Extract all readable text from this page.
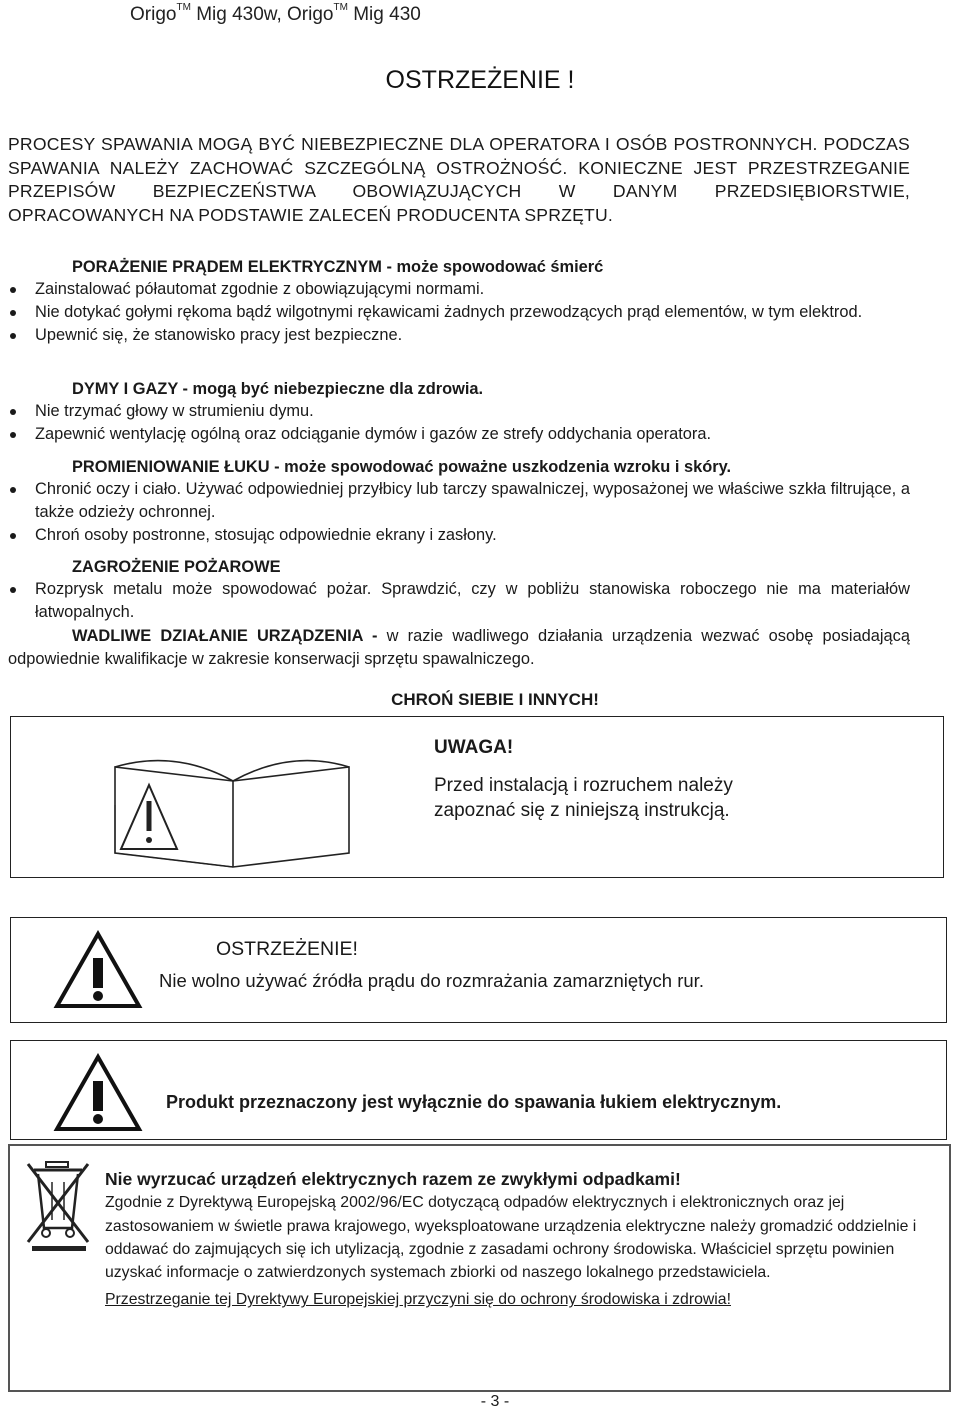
Origo™ Mig 430w, Origo™ Mig 430
OSTRZEŻENIE !
PROCESY SPAWANIA MOGĄ BYĆ NIEBEZPIECZNE DLA OPERATORA I OSÓB POSTRONNYCH. PODCZAS SPAWANIA NALEŻY ZACHOWAĆ SZCZEGÓLNĄ OSTROŻNOŚĆ. KONIECZNE JEST PRZESTRZEGANIE PRZEPISÓW BEZPIECZEŃSTWA OBOWIĄZUJĄCYCH W DANYM PRZEDSIĘBIORSTWIE, OPRACOWANYCH NA PODSTAWIE ZALECEŃ PRODUCENTA SPRZĘTU.
PORAŻENIE PRĄDEM ELEKTRYCZNYM - może spowodować śmierć
Zainstalować półautomat zgodnie z obowiązującymi normami.
Nie dotykać gołymi rękoma bądź wilgotnymi rękawicami żadnych przewodzących prąd elementów, w tym elektrod.
Upewnić się, że stanowisko pracy jest bezpieczne.
DYMY I GAZY - mogą być niebezpieczne dla zdrowia.
Nie trzymać głowy w strumieniu dymu.
Zapewnić wentylację ogólną oraz odciąganie dymów i gazów ze strefy oddychania operatora.
PROMIENIOWANIE ŁUKU - może spowodować poważne uszkodzenia wzroku i skóry.
Chronić oczy i ciało. Używać odpowiedniej przyłbicy lub tarczy spawalniczej, wyposażonej we właściwe szkła filtrujące, a także odzieży ochronnej.
Chroń osoby postronne, stosując odpowiednie ekrany i zasłony.
ZAGROŻENIE POŻAROWE
Rozprysk metalu może spowodować pożar. Sprawdzić, czy w pobliżu stanowiska roboczego nie ma materiałów łatwopalnych.
WADLIWE DZIAŁANIE URZĄDZENIA - w razie wadliwego działania urządzenia wezwać osobę posiadającą odpowiednie kwalifikacje w zakresie konserwacji sprzętu spawalniczego.
CHROŃ SIEBIE I INNYCH!
UWAGA!
Przed instalacją i rozruchem należy
zapoznać się z niniejszą instrukcją.
OSTRZEŻENIE!
Nie wolno używać źródła prądu do rozmrażania zamarzniętych rur.
Produkt przeznaczony jest wyłącznie do spawania łukiem elektrycznym.
Nie wyrzucać urządzeń elektrycznych razem ze zwykłymi odpadkami!
Zgodnie z Dyrektywą Europejską 2002/96/EC dotyczącą odpadów elektrycznych i elektronicznych oraz jej zastosowaniem w świetle prawa krajowego, wyeksploatowane urządzenia elektryczne należy gromadzić oddzielnie i oddawać do zajmujących się ich utylizacją, zgodnie z zasadami ochrony środowiska. Właściciel sprzętu powinien uzyskać informacje o zatwierdzonych systemach zbiorki od naszego lokalnego przedstawiciela.
Przestrzeganie tej Dyrektywy Europejskiej przyczyni się do ochrony środowiska i zdrowia!
- 3 -
